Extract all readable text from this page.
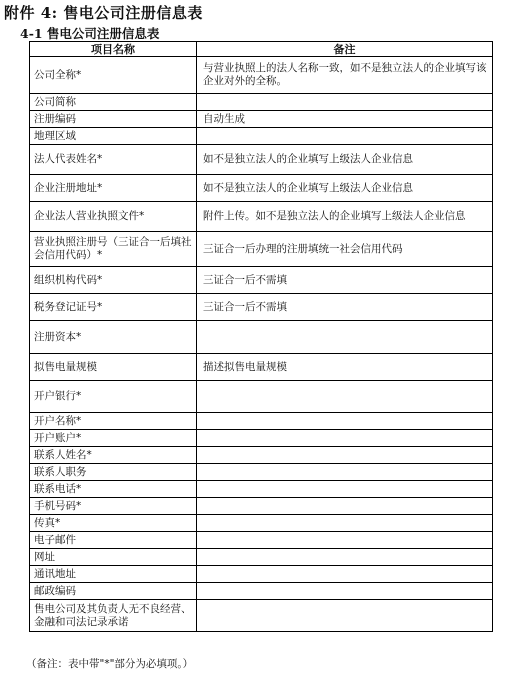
附件 4: 售电公司注册信息表
4-1 售电公司注册信息表
项目名称	备注
公司全称*	与营业执照上的法人名称一致，如不是独立法人的企业填写该企业对外的全称。
公司简称	
注册编码	自动生成
地理区域	
法人代表姓名*	如不是独立法人的企业填写上级法人企业信息
企业注册地址*	如不是独立法人的企业填写上级法人企业信息
企业法人营业执照文件*	附件上传。如不是独立法人的企业填写上级法人企业信息
营业执照注册号（三证合一后填社会信用代码）*	三证合一后办理的注册填统一社会信用代码
组织机构代码*	三证合一后不需填
税务登记证号*	三证合一后不需填
注册资本*	
拟售电量规模	描述拟售电量规模
开户银行*	
开户名称*	
开户账户*	
联系人姓名*	
联系人职务	
联系电话*	
手机号码*	
传真*	
电子邮件	
网址	
通讯地址	
邮政编码	
售电公司及其负责人无不良经营、金融和司法记录承诺	
（备注：表中带"*"部分为必填项。）
